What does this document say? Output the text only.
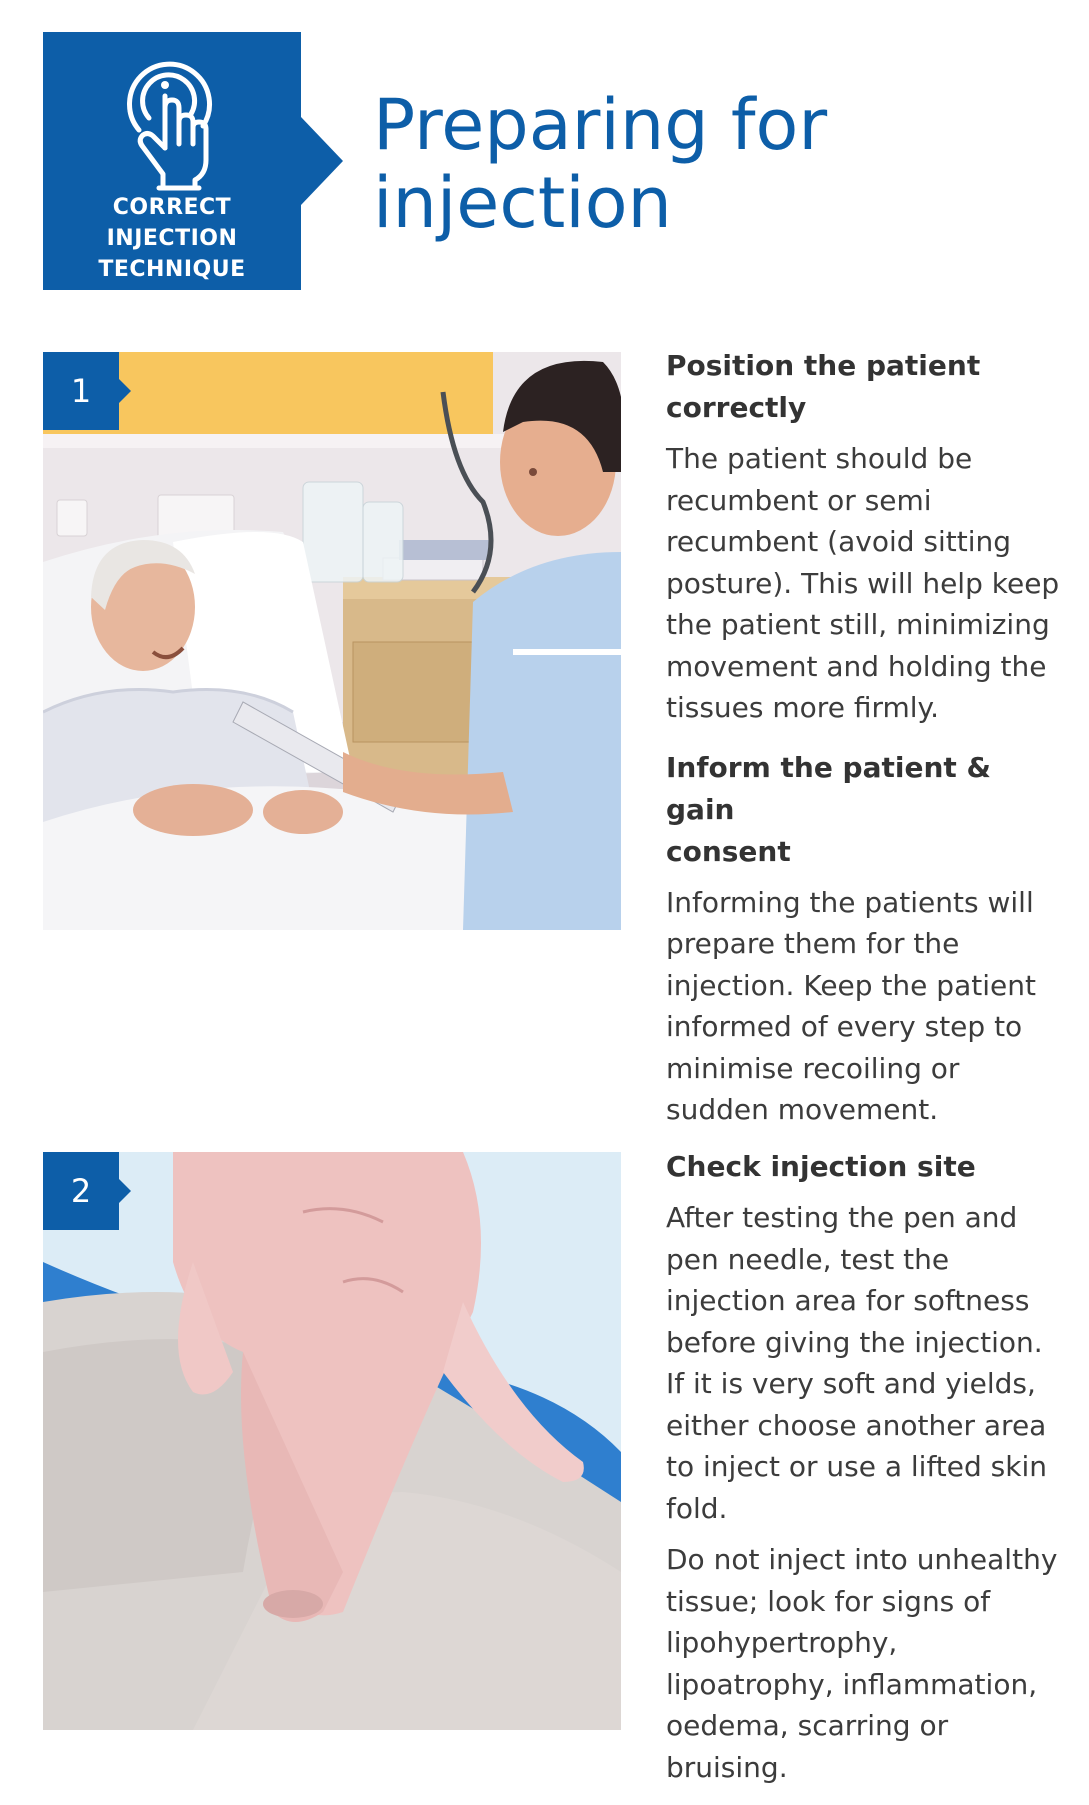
CORRECT
INJECTION
TECHNIQUE
Preparing for
injection
1
Position the patient
correctly

The patient should be recumbent or semi recumbent (avoid sitting posture). This will help keep the patient still, minimizing movement and holding the tissues more firmly.

Inform the patient & gain
consent

Informing the patients will prepare them for the injection. Keep the patient informed of every step to minimise recoiling or sudden movement.

2
Check injection site

After testing the pen and pen needle, test the injection area for softness before giving the injection. If it is very soft and yields, either choose another area to inject or use a lifted skin fold.

Do not inject into unhealthy tissue; look for signs of lipohypertrophy, lipoatrophy, inflammation, oedema, scarring or bruising.
